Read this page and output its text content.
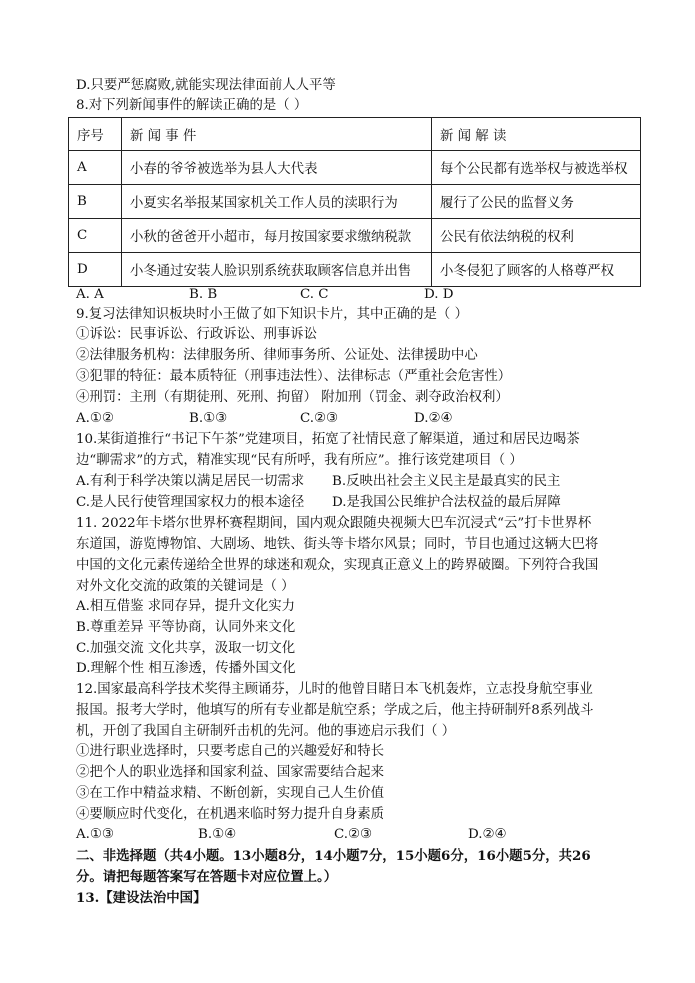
D.只要严惩腐败,就能实现法律面前人人平等
8.对下列新闻事件的解读正确的是（ ）
序号	新 闻 事 件	新 闻 解 读
A	小春的爷爷被选举为县人大代表	每个公民都有选举权与被选举权
B	小夏实名举报某国家机关工作人员的渎职行为	履行了公民的监督义务
C	小秋的爸爸开小超市，每月按国家要求缴纳税款	公民有依法纳税的权利
D	小冬通过安装人脸识别系统获取顾客信息并出售	小冬侵犯了顾客的人格尊严权
A. A	B. B	C. C	D. D
9.复习法律知识板块时小王做了如下知识卡片，其中正确的是（ ）
①诉讼：民事诉讼、行政诉讼、刑事诉讼
②法律服务机构：法律服务所、律师事务所、公证处、法律援助中心
③犯罪的特征：最本质特征（刑事违法性）、法律标志（严重社会危害性）
④刑罚：主刑（有期徒刑、死刑、拘留） 附加刑（罚金、剥夺政治权利）
A.①②	B.①③	C.②③	D.②④
10.某街道推行“书记下午茶”党建项目，拓宽了社情民意了解渠道，通过和居民边喝茶
边“聊需求”的方式，精准实现“民有所呼，我有所应”。推行该党建项目（ ）
A.有利于科学决策以满足居民一切需求 B.反映出社会主义民主是最真实的民主
C.是人民行使管理国家权力的根本途径 D.是我国公民维护合法权益的最后屏障
11. 2022年卡塔尔世界杯赛程期间，国内观众跟随央视频大巴车沉浸式“云”打卡世界杯
东道国，游览博物馆、大剧场、地铁、街头等卡塔尔风景；同时，节目也通过这辆大巴将
中国的文化元素传递给全世界的球迷和观众，实现真正意义上的跨界破圈。下列符合我国
对外文化交流的政策的关键词是（ ）
A.相互借鉴 求同存异，提升文化实力
B.尊重差异 平等协商，认同外来文化
C.加强交流 文化共享，汲取一切文化
D.理解个性 相互渗透，传播外国文化
12.国家最高科学技术奖得主顾诵芬，儿时的他曾目睹日本飞机轰炸，立志投身航空事业
报国。报考大学时，他填写的所有专业都是航空系；学成之后，他主持研制歼8系列战斗
机，开创了我国自主研制歼击机的先河。他的事迹启示我们（ ）
①进行职业选择时，只要考虑自己的兴趣爱好和特长
②把个人的职业选择和国家利益、国家需要结合起来
③在工作中精益求精、不断创新，实现自己人生价值
④要顺应时代变化，在机遇来临时努力提升自身素质
A.①③	B.①④	C.②③	D.②④
二、非选择题（共4小题。13小题8分，14小题7分，15小题6分，16小题5分，共26
分。请把每题答案写在答题卡对应位置上。）
13.【建设法治中国】
